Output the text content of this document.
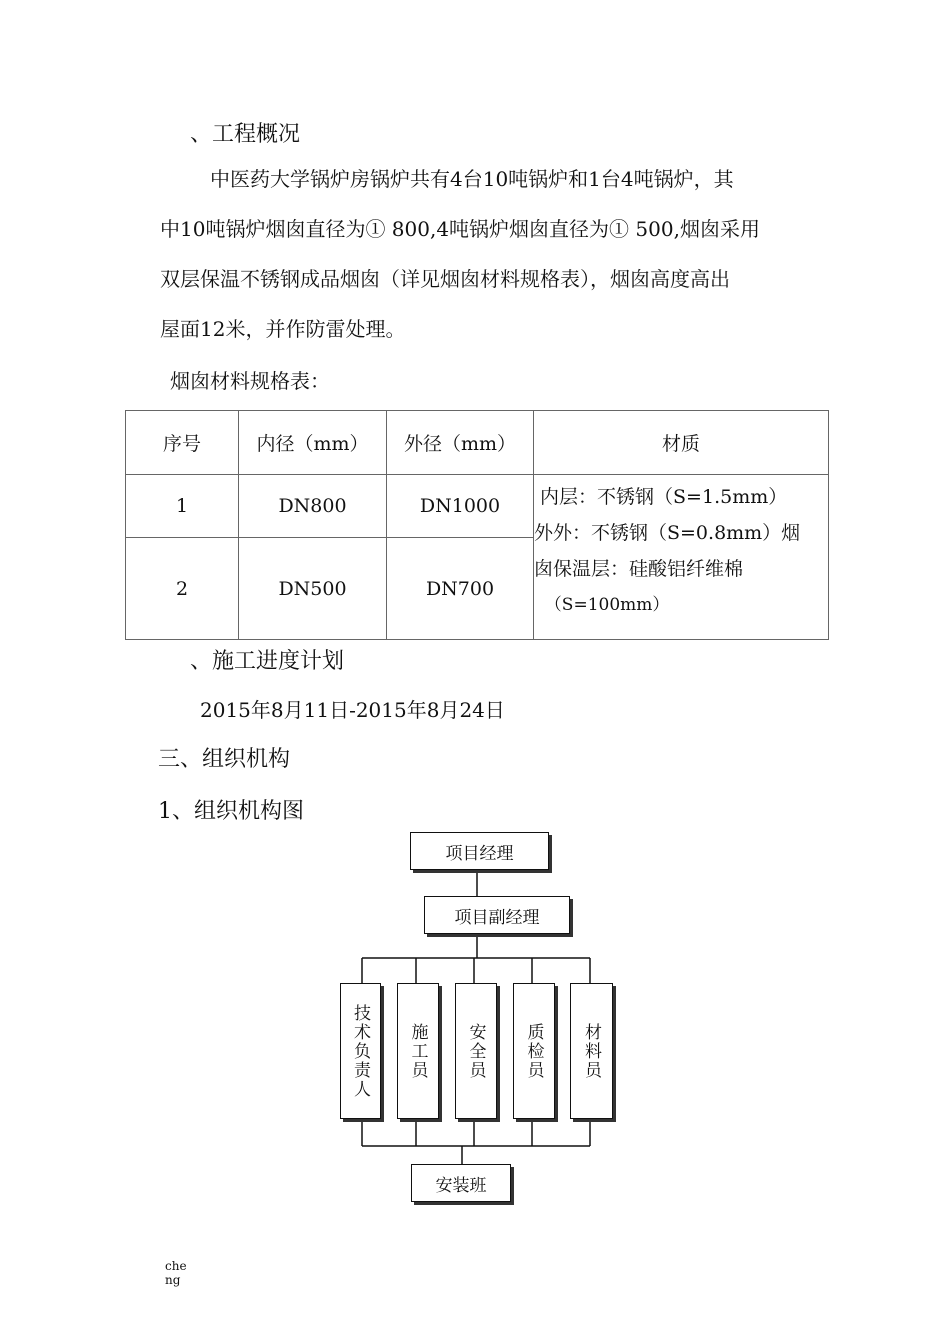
、工程概况
中医药大学锅炉房锅炉共有4台10吨锅炉和1台4吨锅炉，其
中10吨锅炉烟囱直径为① 800,4吨锅炉烟囱直径为① 500,烟囱采用
双层保温不锈钢成品烟囱（详见烟囱材料规格表），烟囱高度高出
屋面12米，并作防雷处理。
烟囱材料规格表：
序号	内径（mm）	外径（mm）	材质
1	DN800	DN1000	内层：不锈钢（S=1.5mm）
外外：不锈钢（S=0.8mm）烟
囱保温层：硅酸铝纤维棉
（S=100mm）

2	DN500	DN700	
、施工进度计划
2015年8月11日-2015年8月24日
三、组织机构
1、组织机构图
项目经理
项目副经理
技术负责人	施工员	安全员	质检员	材料员
安装班
cheng
